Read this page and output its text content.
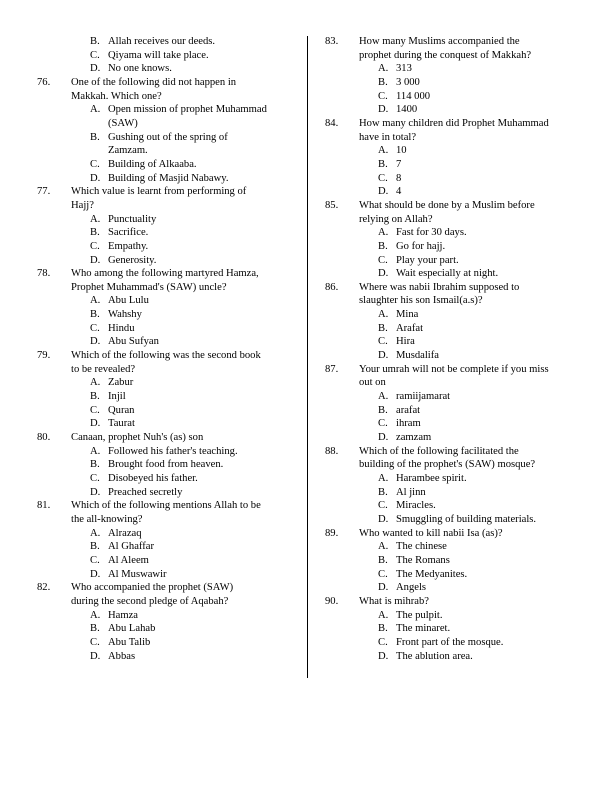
B. Allah receives our deeds.
C. Qiyama will take place.
D. No one knows.
76. One of the following did not happen in
Makkah. Which one?
A. Open mission of prophet Muhammad
(SAW)
B. Gushing out of the spring of
Zamzam.
C. Building of Alkaaba.
D. Building of Masjid Nabawy.
77. Which value is learnt from performing of
Hajj?
A. Punctuality
B. Sacrifice.
C. Empathy.
D. Generosity.
78. Who among the following martyred Hamza,
Prophet Muhammad's (SAW) uncle?
A. Abu Lulu
B. Wahshy
C. Hindu
D. Abu Sufyan
79. Which of the following was the second book
to be revealed?
A. Zabur
B. Injil
C. Quran
D. Taurat
80. Canaan, prophet Nuh's (as) son
A. Followed his father's teaching.
B. Brought food from heaven.
C. Disobeyed his father.
D. Preached secretly
81. Which of the following mentions Allah to be
the all-knowing?
A. Alrazaq
B. Al Ghaffar
C. Al Aleem
D. Al Muswawir
82. Who accompanied the prophet (SAW)
during the second pledge of Aqabah?
A. Hamza
B. Abu Lahab
C. Abu Talib
D. Abbas
83. How many Muslims accompanied the
prophet during the conquest of Makkah?
A. 313
B. 3 000
C. 114 000
D. 1400
84. How many children did Prophet Muhammad
have in total?
A. 10
B. 7
C. 8
D. 4
85. What should be done by a Muslim before
relying on Allah?
A. Fast for 30 days.
B. Go for hajj.
C. Play your part.
D. Wait especially at night.
86. Where was nabii Ibrahim supposed to
slaughter his son Ismail(a.s)?
A. Mina
B. Arafat
C. Hira
D. Musdalifa
87. Your umrah will not be complete if you miss
out on
A. ramiijamarat
B. arafat
C. ihram
D. zamzam
88. Which of the following facilitated the
building of the prophet's (SAW) mosque?
A. Harambee spirit.
B. Al jinn
C. Miracles.
D. Smuggling of building materials.
89. Who wanted to kill nabii Isa (as)?
A. The chinese
B. The Romans
C. The Medyanites.
D. Angels
90. What is mihrab?
A. The pulpit.
B. The minaret.
C. Front part of the mosque.
D. The ablution area.
